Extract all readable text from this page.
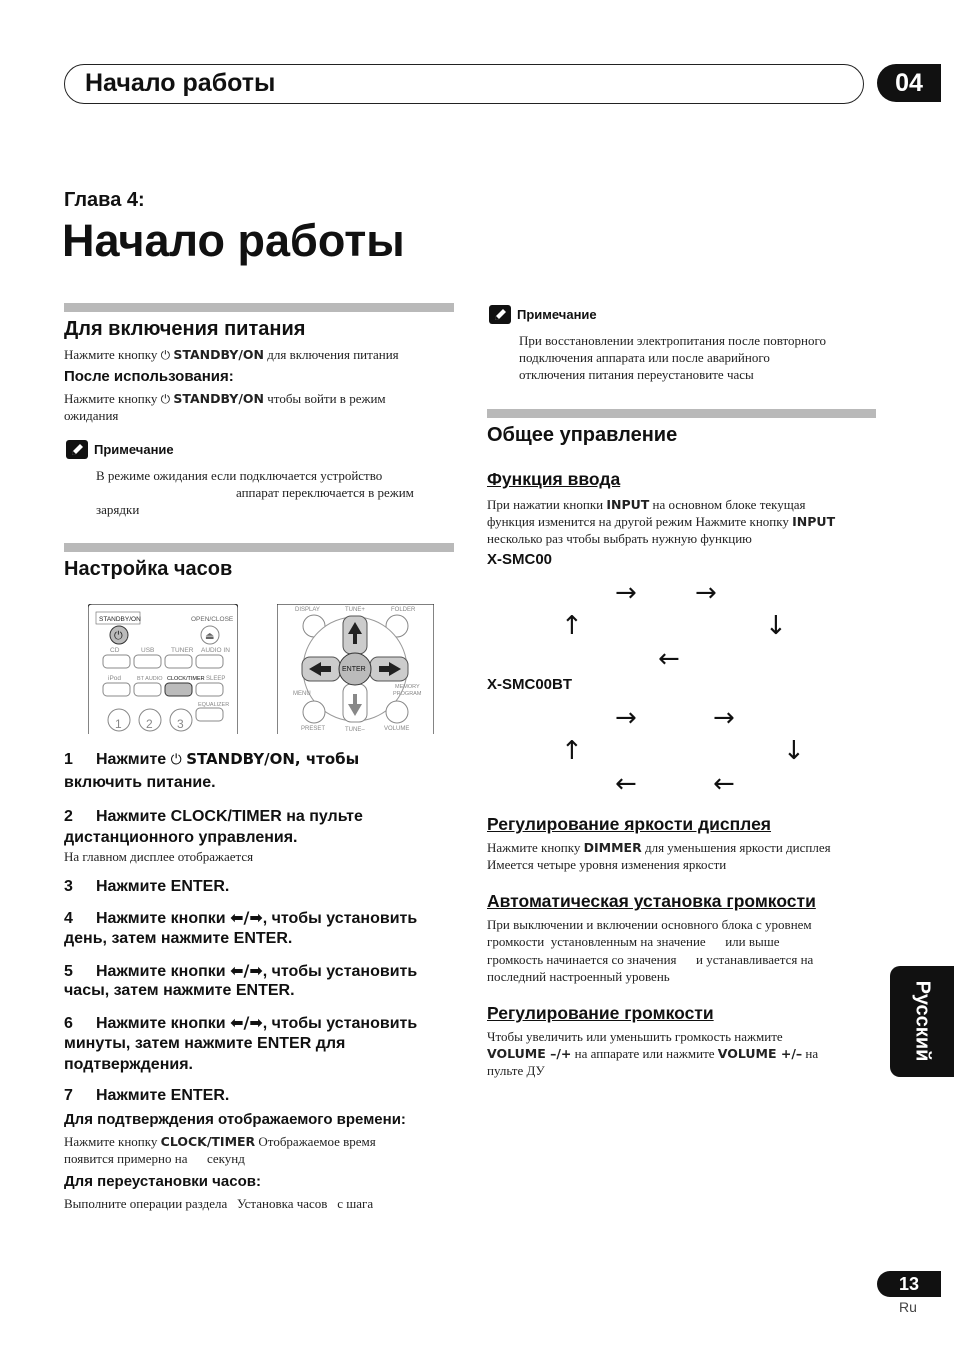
Начало работы	04
Глава 4:
Начало работы
Для включения питания
Нажмите кнопку ⏻ STANDBY/ON для включения питания
После использования:
Нажмите кнопку ⏻ STANDBY/ON чтобы войти в режим
ожидания
Примечание
В режиме ожидания если подключается устройство
аппарат переключается в режим
зарядки
Настройка часов
STANDBY/ON	OPEN/CLOSE
⏻	⏏
CD	USB	TUNER AUDIO IN
iPod	BT AUDIO CLOCK/TIMER SLEEP
EQUALIZER
1 2 3
DISPLAY	TUNE+	FOLDER
ENTER
MENU
MEMORY
PROGRAM
PRESET	TUNE–	VOLUME
1 Нажмите ⏻ STANDBY/ON, чтобы
включить питание.
2 Нажмите CLOCK/TIMER на пульте
дистанционного управления.
На главном дисплее отображается
3 Нажмите ENTER.
4 Нажмите кнопки ⬅/➡, чтобы установить
день, затем нажмите ENTER.
5 Нажмите кнопки ⬅/➡, чтобы установить
часы, затем нажмите ENTER.
6 Нажмите кнопки ⬅/➡, чтобы установить
минуты, затем нажмите ENTER для
подтверждения.
7 Нажмите ENTER.
Для подтверждения отображаемого времени:
Нажмите кнопку CLOCK/TIMER Отображаемое время
появится примерно на      секунд
Для переустановки часов:
Выполните операции раздела   Установка часов   с шага
Примечание
При восстановлении электропитания после повторного
подключения аппарата или после аварийного
отключения питания переустановите часы
Общее управление
Функция ввода
При нажатии кнопки INPUT на основном блоке текущая
функция изменится на другой режим Нажмите кнопку INPUT
несколько раз чтобы выбрать нужную функцию
X-SMC00
→ →
↑	↓
←
X-SMC00BT
→	→
↑	↓
←	←
Регулирование яркости дисплея
Нажмите кнопку DIMMER для уменьшения яркости дисплея
Имеется четыре уровня изменения яркости
Автоматическая установка громкости
При выключении и включении основного блока с уровнем
громкости  установленным на значение      или выше
громкость начинается со значения      и устанавливается на
последний настроенный уровень
Регулирование громкости
Чтобы увеличить или уменьшить громкость нажмите
VOLUME –/+ на аппарате или нажмите VOLUME +/– на
пульте ДУ
Русский
13
Ru
